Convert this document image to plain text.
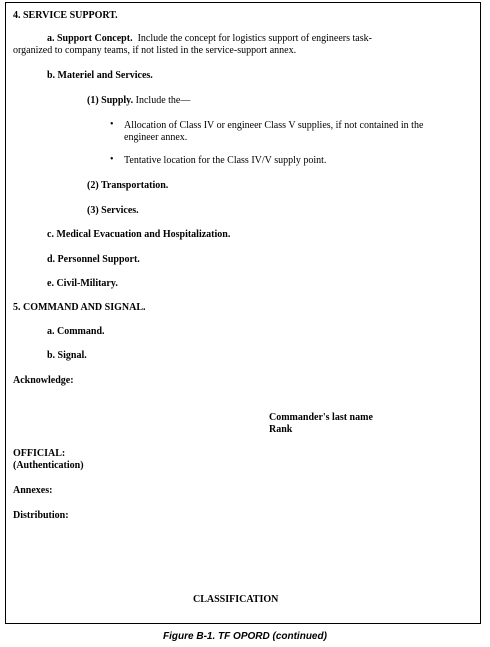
4. SERVICE SUPPORT.
a. Support Concept. Include the concept for logistics support of engineers task-
organized to company teams, if not listed in the service-support annex.
b. Materiel and Services.
(1) Supply. Include the—
• Allocation of Class IV or engineer Class V supplies, if not contained in the
engineer annex.
• Tentative location for the Class IV/V supply point.
(2) Transportation.
(3) Services.
c. Medical Evacuation and Hospitalization.
d. Personnel Support.
e. Civil-Military.
5. COMMAND AND SIGNAL.
a. Command.
b. Signal.
Acknowledge:
Commander's last name
Rank
OFFICIAL:
(Authentication)
Annexes:
Distribution:
CLASSIFICATION
Figure B-1. TF OPORD (continued)
